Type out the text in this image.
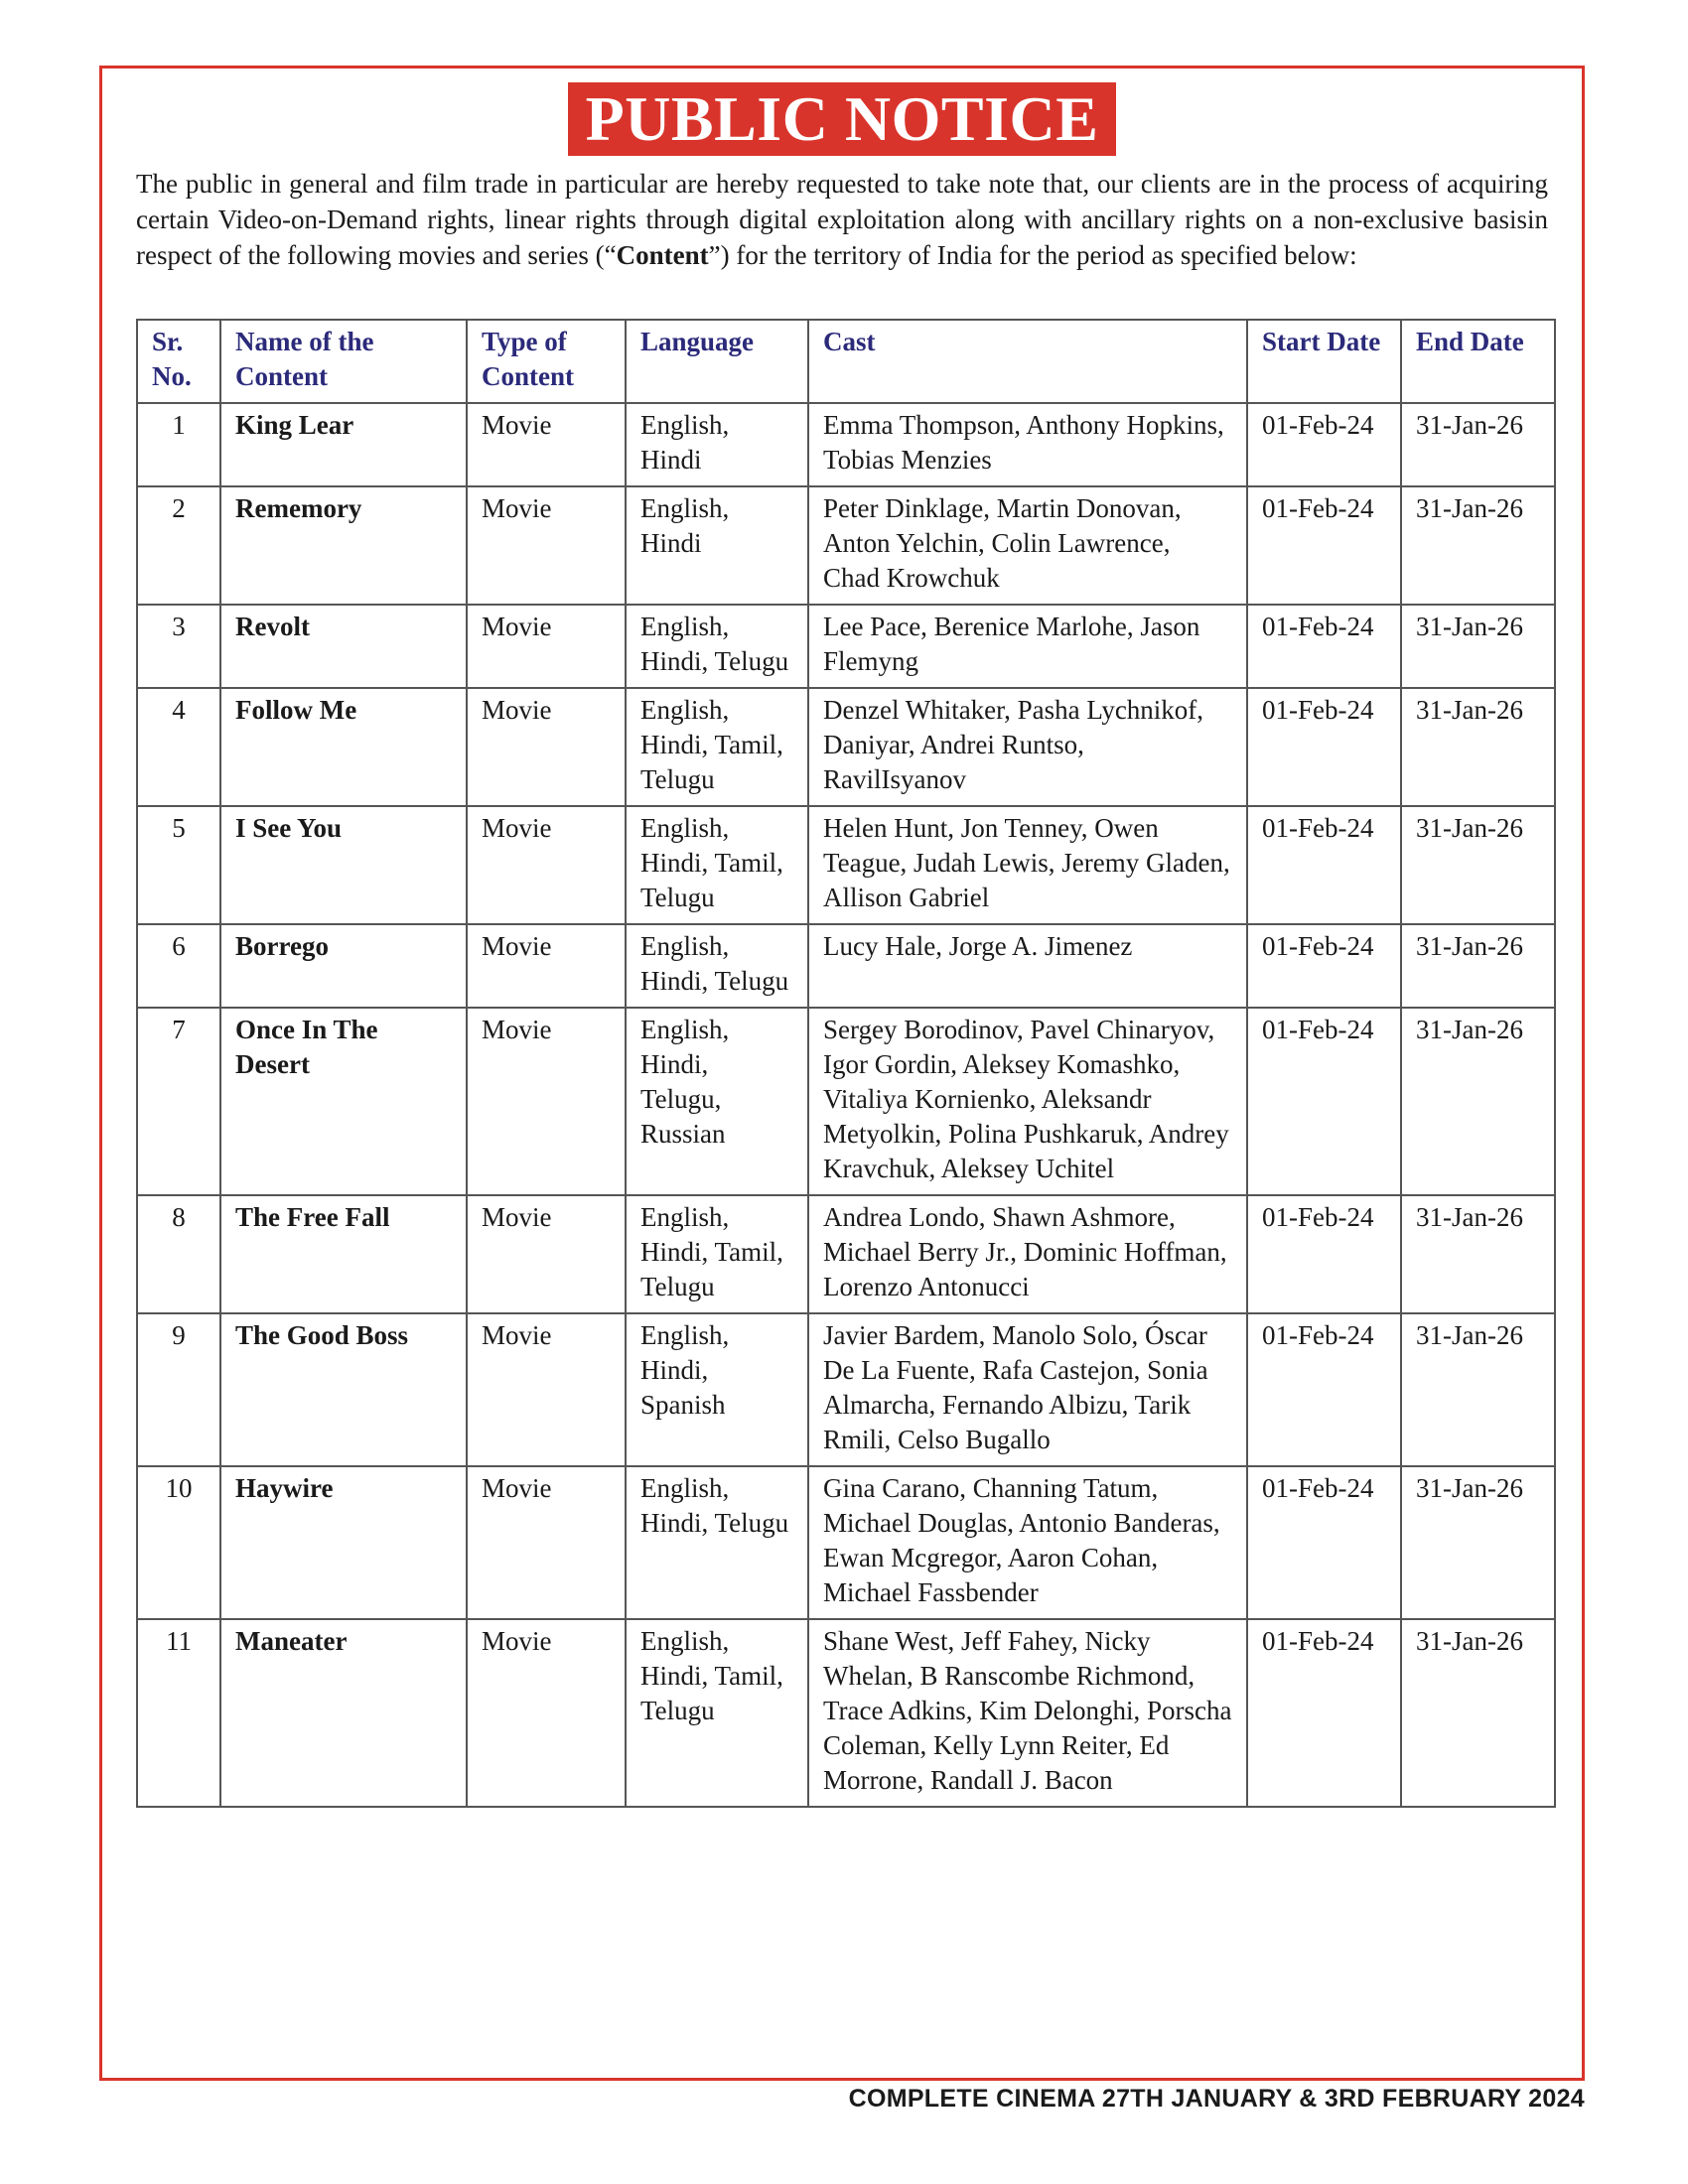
PUBLIC NOTICE

The public in general and film trade in particular are hereby requested to take note that, our clients are in the process of acquiring certain Video-on-Demand rights, linear rights through digital exploitation along with ancillary rights on a non-exclusive basisin respect of the following movies and series (“Content”) for the territory of India for the period as specified below:

Sr. No.	Name of the Content	Type of Content	Language	Cast	Start Date	End Date
1	King Lear	Movie	English, Hindi	Emma Thompson, Anthony Hopkins, Tobias Menzies	01-Feb-24	31-Jan-26
2	Rememory	Movie	English, Hindi	Peter Dinklage, Martin Donovan, Anton Yelchin, Colin Lawrence, Chad Krowchuk	01-Feb-24	31-Jan-26
3	Revolt	Movie	English, Hindi, Telugu	Lee Pace, Berenice Marlohe, Jason Flemyng	01-Feb-24	31-Jan-26
4	Follow Me	Movie	English, Hindi, Tamil, Telugu	Denzel Whitaker, Pasha Lychnikof, Daniyar, Andrei Runtso, RavilIsyanov	01-Feb-24	31-Jan-26
5	I See You	Movie	English, Hindi, Tamil, Telugu	Helen Hunt, Jon Tenney, Owen Teague, Judah Lewis, Jeremy Gladen, Allison Gabriel	01-Feb-24	31-Jan-26
6	Borrego	Movie	English, Hindi, Telugu	Lucy Hale, Jorge A. Jimenez	01-Feb-24	31-Jan-26
7	Once In The Desert	Movie	English, Hindi, Telugu, Russian	Sergey Borodinov, Pavel Chinaryov, Igor Gordin, Aleksey Komashko, Vitaliya Kornienko, Aleksandr Metyolkin, Polina Pushkaruk, Andrey Kravchuk, Aleksey Uchitel	01-Feb-24	31-Jan-26
8	The Free Fall	Movie	English, Hindi, Tamil, Telugu	Andrea Londo, Shawn Ashmore, Michael Berry Jr., Dominic Hoffman, Lorenzo Antonucci	01-Feb-24	31-Jan-26
9	The Good Boss	Movie	English, Hindi, Spanish	Javier Bardem, Manolo Solo, Óscar De La Fuente, Rafa Castejon, Sonia Almarcha, Fernando Albizu, Tarik Rmili, Celso Bugallo	01-Feb-24	31-Jan-26
10	Haywire	Movie	English, Hindi, Telugu	Gina Carano, Channing Tatum, Michael Douglas, Antonio Banderas, Ewan Mcgregor, Aaron Cohan, Michael Fassbender	01-Feb-24	31-Jan-26
11	Maneater	Movie	English, Hindi, Tamil, Telugu	Shane West, Jeff Fahey, Nicky Whelan, B Ranscombe Richmond, Trace Adkins, Kim Delonghi, Porscha Coleman, Kelly Lynn Reiter, Ed Morrone, Randall J. Bacon	01-Feb-24	31-Jan-26
COMPLETE CINEMA 27TH JANUARY & 3RD FEBRUARY 2024
